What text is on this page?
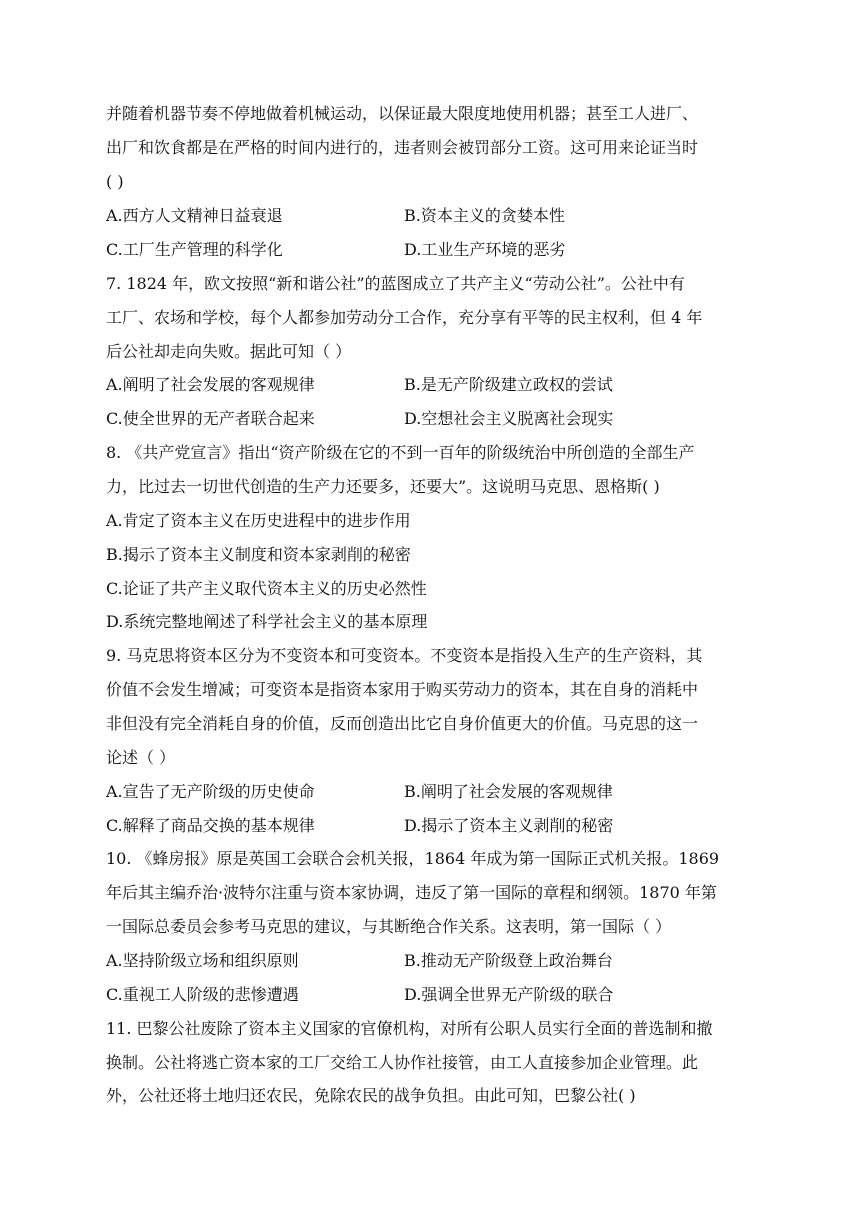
并随着机器节奏不停地做着机械运动，以保证最大限度地使用机器；甚至工人进厂、
出厂和饮食都是在严格的时间内进行的，违者则会被罚部分工资。这可用来论证当时
( )
A.西方人文精神日益衰退	B.资本主义的贪婪本性
C.工厂生产管理的科学化	D.工业生产环境的恶劣
7. 1824 年，欧文按照“新和谐公社”的蓝图成立了共产主义“劳动公社”。公社中有
工厂、农场和学校，每个人都参加劳动分工合作，充分享有平等的民主权利，但 4 年
后公社却走向失败。据此可知（ ）
A.阐明了社会发展的客观规律	B.是无产阶级建立政权的尝试
C.使全世界的无产者联合起来	D.空想社会主义脱离社会现实
8. 《共产党宣言》指出“资产阶级在它的不到一百年的阶级统治中所创造的全部生产
力，比过去一切世代创造的生产力还要多，还要大”。这说明马克思、恩格斯( )
A.肯定了资本主义在历史进程中的进步作用
B.揭示了资本主义制度和资本家剥削的秘密
C.论证了共产主义取代资本主义的历史必然性
D.系统完整地阐述了科学社会主义的基本原理
9. 马克思将资本区分为不变资本和可变资本。不变资本是指投入生产的生产资料，其
价值不会发生增减；可变资本是指资本家用于购买劳动力的资本，其在自身的消耗中
非但没有完全消耗自身的价值，反而创造出比它自身价值更大的价值。马克思的这一
论述（ ）
A.宣告了无产阶级的历史使命	B.阐明了社会发展的客观规律
C.解释了商品交换的基本规律	D.揭示了资本主义剥削的秘密
10. 《蜂房报》原是英国工会联合会机关报，1864 年成为第一国际正式机关报。1869
年后其主编乔治·波特尔注重与资本家协调，违反了第一国际的章程和纲领。1870 年第
一国际总委员会参考马克思的建议，与其断绝合作关系。这表明，第一国际（ ）
A.坚持阶级立场和组织原则	B.推动无产阶级登上政治舞台
C.重视工人阶级的悲惨遭遇	D.强调全世界无产阶级的联合
11. 巴黎公社废除了资本主义国家的官僚机构，对所有公职人员实行全面的普选制和撤
换制。公社将逃亡资本家的工厂交给工人协作社接管，由工人直接参加企业管理。此
外，公社还将土地归还农民，免除农民的战争负担。由此可知，巴黎公社( )
